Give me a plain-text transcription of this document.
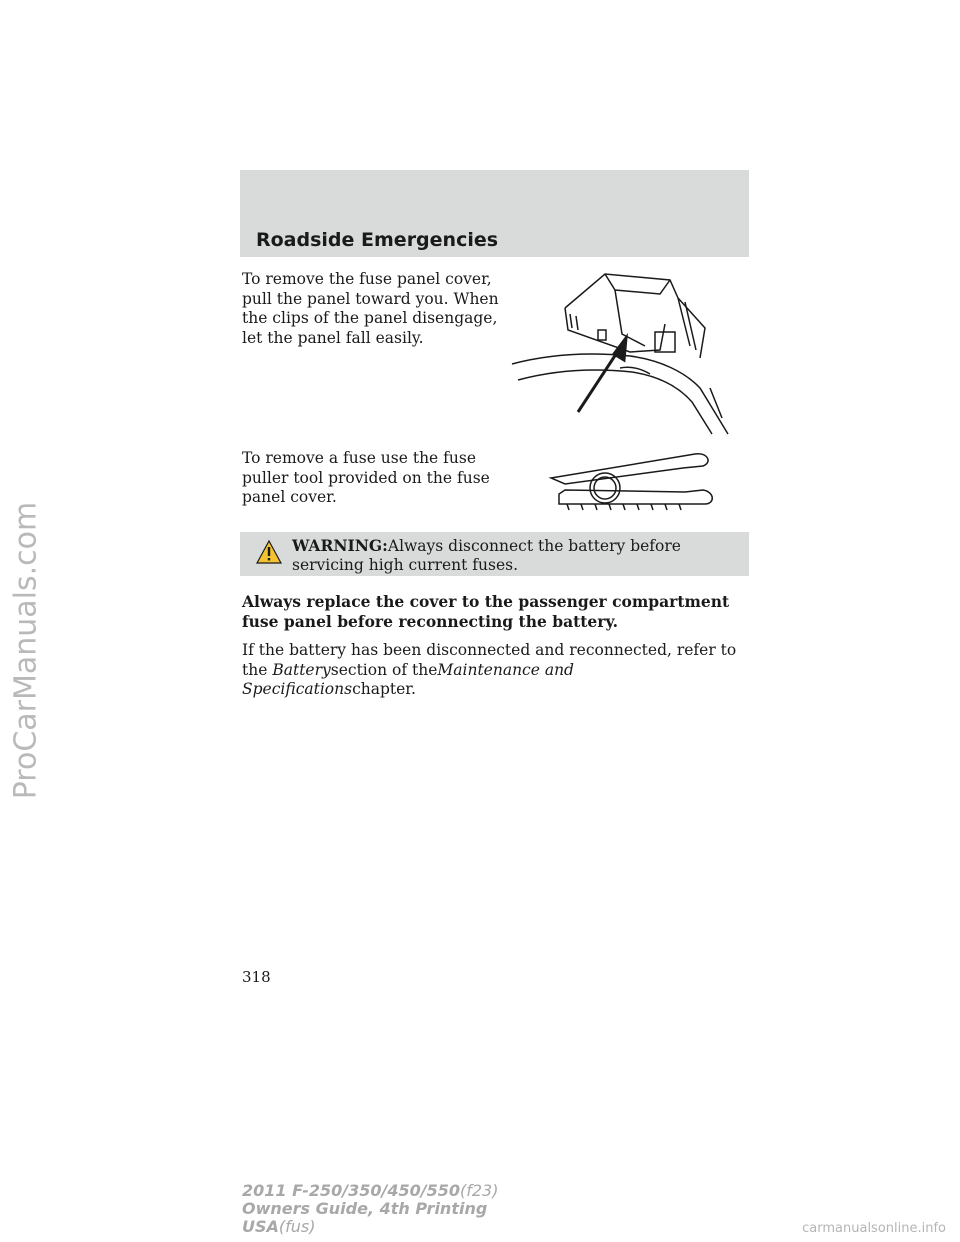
ProCarManuals.com
Roadside Emergencies
To remove the fuse panel cover, pull the panel toward you. When the clips of the panel disengage, let the panel fall easily.
To remove a fuse use the fuse puller tool provided on the fuse panel cover.
WARNING:Always disconnect the battery before servicing high current fuses.
Always replace the cover to the passenger compartment fuse panel before reconnecting the battery.
If the battery has been disconnected and reconnected, refer to the Batterysection of theMaintenance and Specificationschapter.
318
2011 F-250/350/450/550(f23)
Owners Guide, 4th Printing
USA(fus)	carmanualsonline.info
